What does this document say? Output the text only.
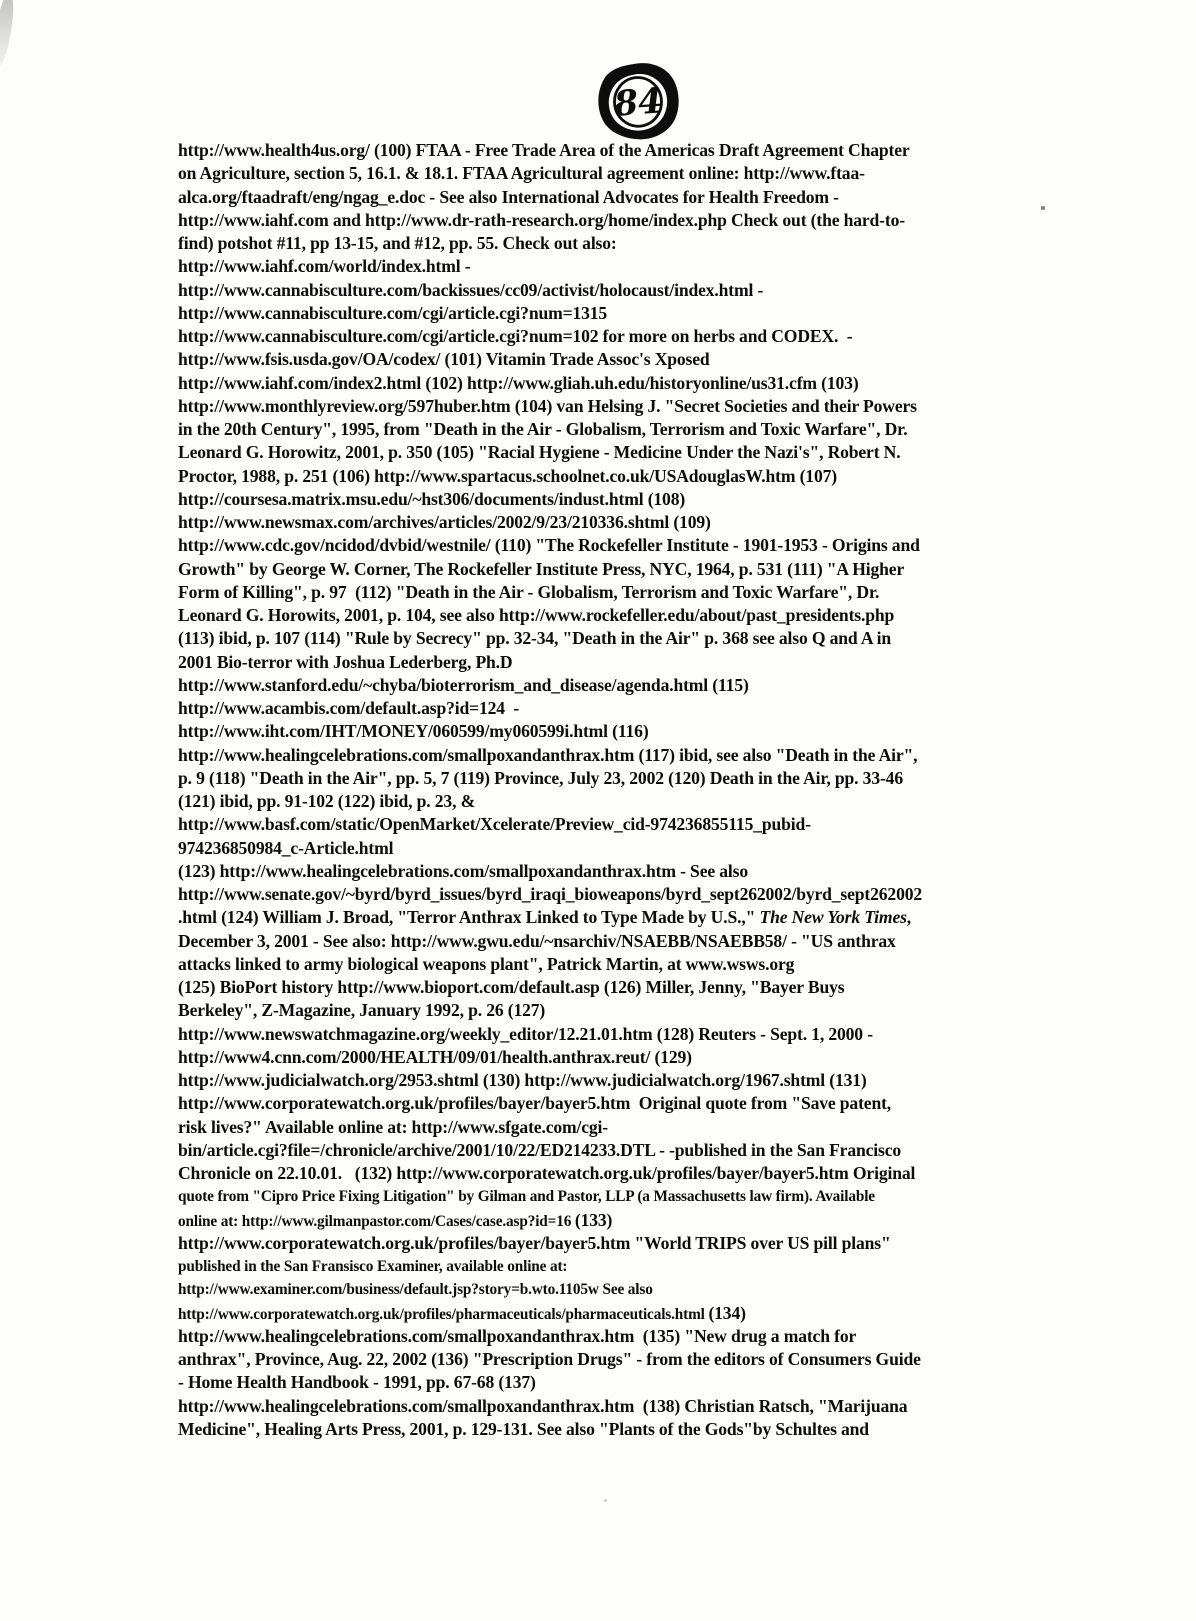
84
http://www.health4us.org/ (100) FTAA - Free Trade Area of the Americas Draft Agreement Chapter
on Agriculture, section 5, 16.1. & 18.1. FTAA Agricultural agreement online: http://www.ftaa-
alca.org/ftaadraft/eng/ngag_e.doc - See also International Advocates for Health Freedom -
http://www.iahf.com and http://www.dr-rath-research.org/home/index.php Check out (the hard-to-
find) potshot #11, pp 13-15, and #12, pp. 55. Check out also:
http://www.iahf.com/world/index.html -
http://www.cannabisculture.com/backissues/cc09/activist/holocaust/index.html -
http://www.cannabisculture.com/cgi/article.cgi?num=1315
http://www.cannabisculture.com/cgi/article.cgi?num=102 for more on herbs and CODEX.  -
http://www.fsis.usda.gov/OA/codex/ (101) Vitamin Trade Assoc's Xposed
http://www.iahf.com/index2.html (102) http://www.gliah.uh.edu/historyonline/us31.cfm (103)
http://www.monthlyreview.org/597huber.htm (104) van Helsing J. "Secret Societies and their Powers
in the 20th Century", 1995, from "Death in the Air - Globalism, Terrorism and Toxic Warfare", Dr.
Leonard G. Horowitz, 2001, p. 350 (105) "Racial Hygiene - Medicine Under the Nazi's", Robert N.
Proctor, 1988, p. 251 (106) http://www.spartacus.schoolnet.co.uk/USAdouglasW.htm (107)
http://coursesa.matrix.msu.edu/~hst306/documents/indust.html (108)
http://www.newsmax.com/archives/articles/2002/9/23/210336.shtml (109)
http://www.cdc.gov/ncidod/dvbid/westnile/ (110) "The Rockefeller Institute - 1901-1953 - Origins and
Growth" by George W. Corner, The Rockefeller Institute Press, NYC, 1964, p. 531 (111) "A Higher
Form of Killing", p. 97  (112) "Death in the Air - Globalism, Terrorism and Toxic Warfare", Dr.
Leonard G. Horowits, 2001, p. 104, see also http://www.rockefeller.edu/about/past_presidents.php
(113) ibid, p. 107 (114) "Rule by Secrecy" pp. 32-34, "Death in the Air" p. 368 see also Q and A in
2001 Bio-terror with Joshua Lederberg, Ph.D
http://www.stanford.edu/~chyba/bioterrorism_and_disease/agenda.html (115)
http://www.acambis.com/default.asp?id=124  -
http://www.iht.com/IHT/MONEY/060599/my060599i.html (116)
http://www.healingcelebrations.com/smallpoxandanthrax.htm (117) ibid, see also "Death in the Air",
p. 9 (118) "Death in the Air", pp. 5, 7 (119) Province, July 23, 2002 (120) Death in the Air, pp. 33-46
(121) ibid, pp. 91-102 (122) ibid, p. 23, &
http://www.basf.com/static/OpenMarket/Xcelerate/Preview_cid-974236855115_pubid-
974236850984_c-Article.html
(123) http://www.healingcelebrations.com/smallpoxandanthrax.htm - See also
http://www.senate.gov/~byrd/byrd_issues/byrd_iraqi_bioweapons/byrd_sept262002/byrd_sept262002
.html (124) William J. Broad, "Terror Anthrax Linked to Type Made by U.S.," The New York Times,
December 3, 2001 - See also: http://www.gwu.edu/~nsarchiv/NSAEBB/NSAEBB58/ - "US anthrax
attacks linked to army biological weapons plant", Patrick Martin, at www.wsws.org
(125) BioPort history http://www.bioport.com/default.asp (126) Miller, Jenny, "Bayer Buys
Berkeley", Z-Magazine, January 1992, p. 26 (127)
http://www.newswatchmagazine.org/weekly_editor/12.21.01.htm (128) Reuters - Sept. 1, 2000 -
http://www4.cnn.com/2000/HEALTH/09/01/health.anthrax.reut/ (129)
http://www.judicialwatch.org/2953.shtml (130) http://www.judicialwatch.org/1967.shtml (131)
http://www.corporatewatch.org.uk/profiles/bayer/bayer5.htm  Original quote from "Save patent,
risk lives?" Available online at: http://www.sfgate.com/cgi-
bin/article.cgi?file=/chronicle/archive/2001/10/22/ED214233.DTL - -published in the San Francisco
Chronicle on 22.10.01.   (132) http://www.corporatewatch.org.uk/profiles/bayer/bayer5.htm Original
quote from "Cipro Price Fixing Litigation" by Gilman and Pastor, LLP (a Massachusetts law firm). Available
online at: http://www.gilmanpastor.com/Cases/case.asp?id=16 (133)
http://www.corporatewatch.org.uk/profiles/bayer/bayer5.htm "World TRIPS over US pill plans"
published in the San Fransisco Examiner, available online at:
http://www.examiner.com/business/default.jsp?story=b.wto.1105w See also
http://www.corporatewatch.org.uk/profiles/pharmaceuticals/pharmaceuticals.html (134)
http://www.healingcelebrations.com/smallpoxandanthrax.htm  (135) "New drug a match for
anthrax", Province, Aug. 22, 2002 (136) "Prescription Drugs" - from the editors of Consumers Guide
- Home Health Handbook - 1991, pp. 67-68 (137)
http://www.healingcelebrations.com/smallpoxandanthrax.htm  (138) Christian Ratsch, "Marijuana
Medicine", Healing Arts Press, 2001, p. 129-131. See also "Plants of the Gods"by Schultes and
